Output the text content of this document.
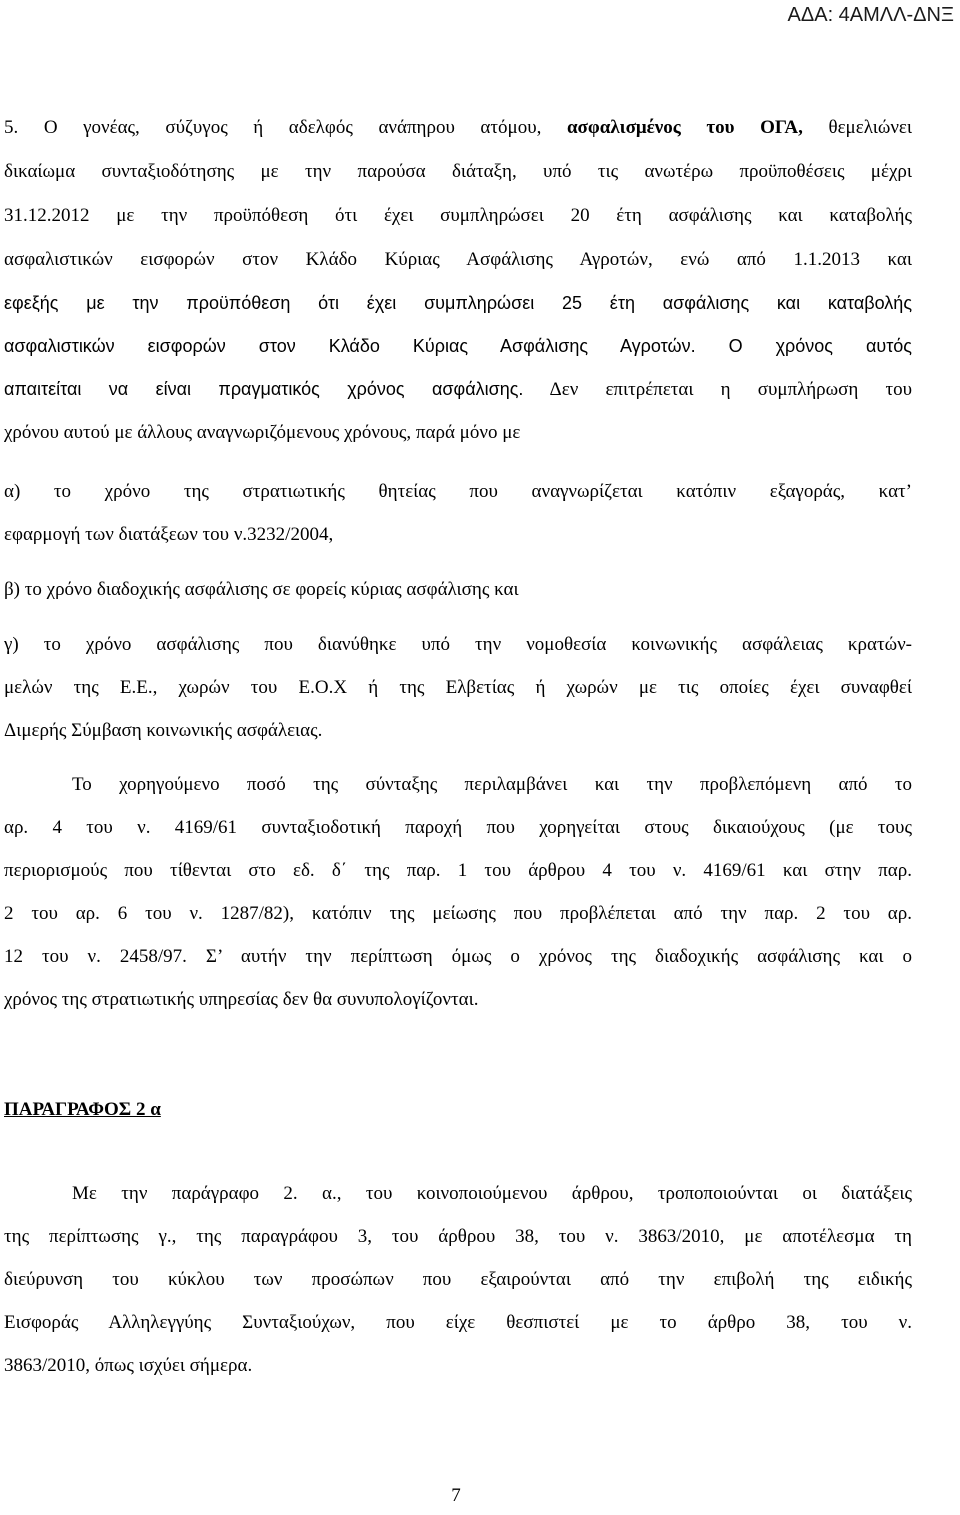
ΑΔΑ: 4ΑΜΛΛ-ΔΝΞ
5. Ο γονέας, σύζυγος ή αδελφός ανάπηρου ατόμου, ασφαλισμένος του ΟΓΑ, θεμελιώνει
δικαίωμα συνταξιοδότησης με την παρούσα διάταξη, υπό τις ανωτέρω προϋποθέσεις μέχρι
31.12.2012 με την προϋπόθεση ότι έχει συμπληρώσει 20 έτη ασφάλισης και καταβολής
ασφαλιστικών εισφορών στον Κλάδο Κύριας Ασφάλισης Αγροτών, ενώ από 1.1.2013 και
εφεξής με την προϋπόθεση ότι έχει συμπληρώσει 25 έτη ασφάλισης και καταβολής
ασφαλιστικών εισφορών στον Κλάδο Κύριας Ασφάλισης Αγροτών. Ο χρόνος αυτός
απαιτείται να είναι πραγματικός χρόνος ασφάλισης. Δεν επιτρέπεται η συμπλήρωση του
χρόνου αυτού με άλλους αναγνωριζόμενους χρόνους, παρά μόνο με
α) το χρόνο της στρατιωτικής θητείας που αναγνωρίζεται κατόπιν εξαγοράς, κατ’
εφαρμογή των διατάξεων του ν.3232/2004,
β) το χρόνο διαδοχικής ασφάλισης σε φορείς κύριας ασφάλισης και
γ) το χρόνο ασφάλισης που διανύθηκε υπό την νομοθεσία κοινωνικής ασφάλειας κρατών-
μελών της Ε.Ε., χωρών του Ε.Ο.Χ ή της Ελβετίας ή χωρών με τις οποίες έχει συναφθεί
Διμερής Σύμβαση κοινωνικής ασφάλειας.
Το χορηγούμενο ποσό της σύνταξης περιλαμβάνει και την προβλεπόμενη από το
αρ. 4 του ν. 4169/61 συνταξιοδοτική παροχή που χορηγείται στους δικαιούχους (με τους
περιορισμούς που τίθενται στο εδ. δ΄ της παρ. 1 του άρθρου 4 του ν. 4169/61 και στην παρ.
2 του αρ. 6 του ν. 1287/82), κατόπιν της μείωσης που προβλέπεται από την παρ. 2 του αρ.
12 του ν. 2458/97. Σ’ αυτήν την περίπτωση όμως ο χρόνος της διαδοχικής ασφάλισης και ο
χρόνος της στρατιωτικής υπηρεσίας δεν θα συνυπολογίζονται.
ΠΑΡΑΓΡΑΦΟΣ 2 α
Με την παράγραφο 2. α., του κοινοποιούμενου άρθρου, τροποποιούνται οι διατάξεις
της περίπτωσης γ., της παραγράφου 3, του άρθρου 38, του ν. 3863/2010, με αποτέλεσμα τη
διεύρυνση του κύκλου των προσώπων που εξαιρούνται από την επιβολή της ειδικής
Εισφοράς Αλληλεγγύης Συνταξιούχων, που είχε θεσπιστεί με το άρθρο 38, του ν.
3863/2010, όπως ισχύει σήμερα.
7
